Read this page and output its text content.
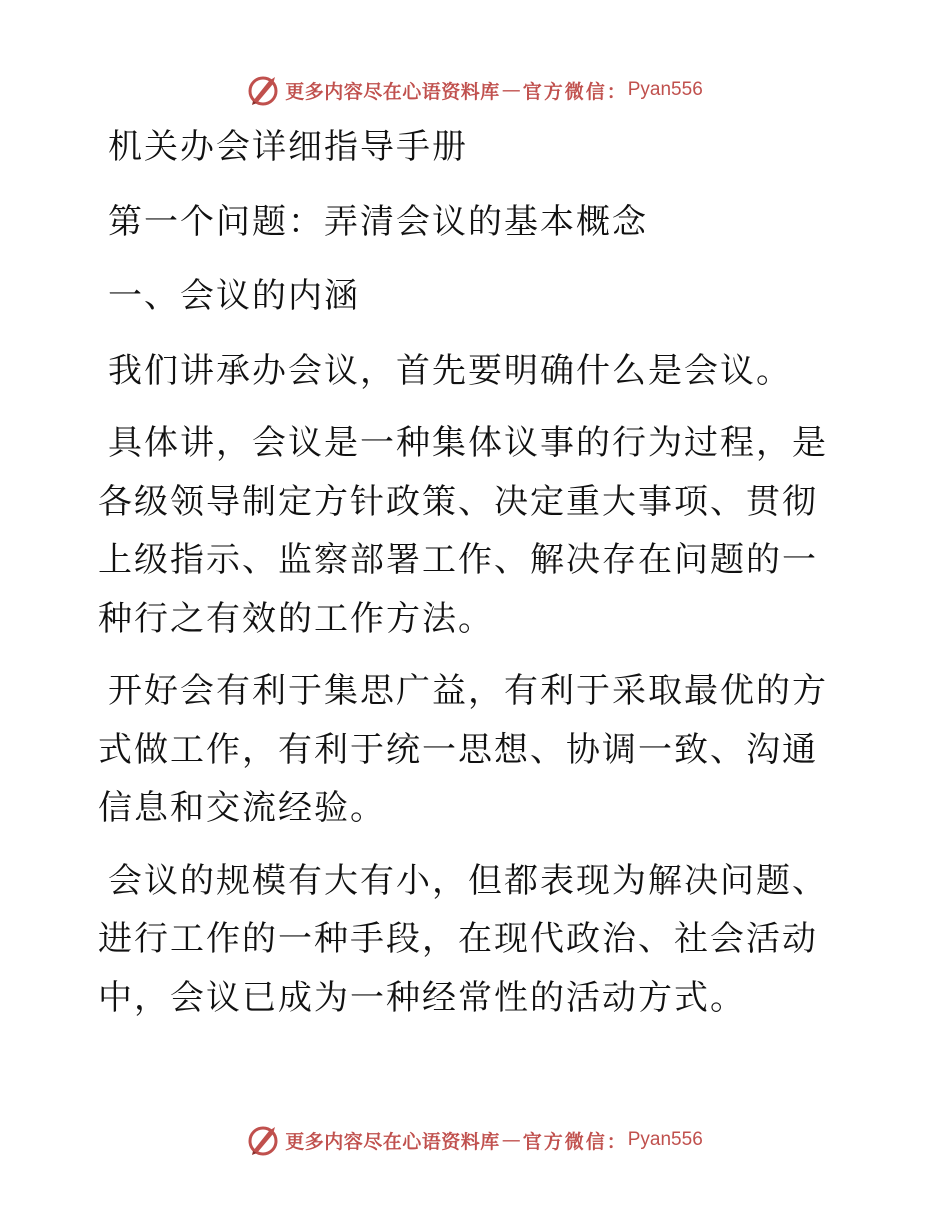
更多内容尽在心语资料库 — 官方微信： Pyan556

机关办会详细指导手册

第一个问题：弄清会议的基本概念

一、会议的内涵

我们讲承办会议，首先要明确什么是会议。

具体讲，会议是一种集体议事的行为过程，是各级领导制定方针政策、决定重大事项、贯彻上级指示、监察部署工作、解决存在问题的一种行之有效的工作方法。

开好会有利于集思广益，有利于采取最优的方式做工作，有利于统一思想、协调一致、沟通信息和交流经验。

会议的规模有大有小，但都表现为解决问题、进行工作的一种手段，在现代政治、社会活动中，会议已成为一种经常性的活动方式。

更多内容尽在心语资料库 — 官方微信： Pyan556
